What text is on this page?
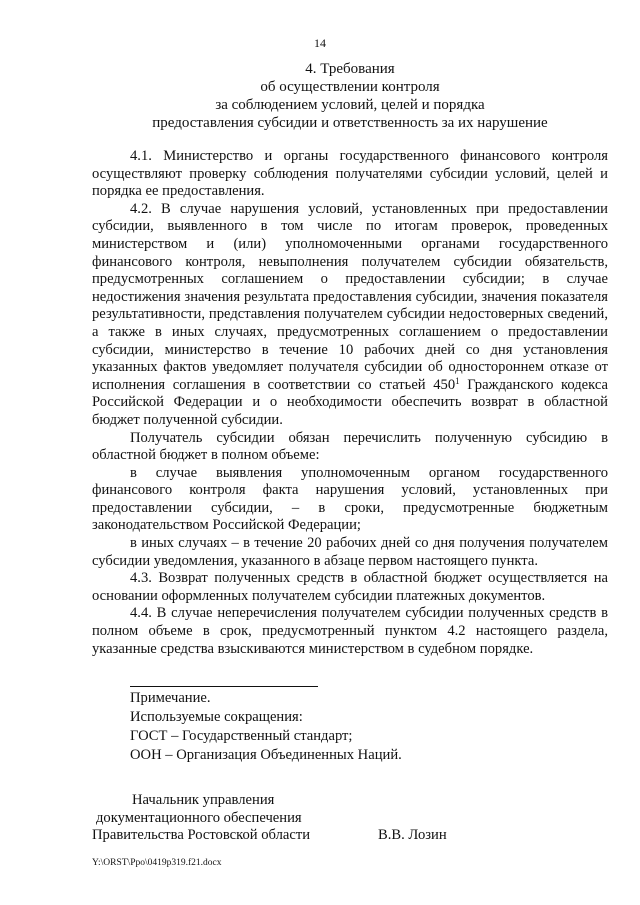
14
4. Требования
об осуществлении контроля
за соблюдением условий, целей и порядка
предоставления субсидии и ответственность за их нарушение

4.1. Министерство и органы государственного финансового контроля осуществляют проверку соблюдения получателями субсидии условий, целей и порядка ее предоставления.

4.2. В случае нарушения условий, установленных при предоставлении субсидии, выявленного в том числе по итогам проверок, проведенных министерством и (или) уполномоченными органами государственного финансового контроля, невыполнения получателем субсидии обязательств, предусмотренных соглашением о предоставлении субсидии; в случае недостижения значения результата предоставления субсидии, значения показателя результативности, представления получателем субсидии недостоверных сведений, а также в иных случаях, предусмотренных соглашением о предоставлении субсидии, министерство в течение 10 рабочих дней со дня установления указанных фактов уведомляет получателя субсидии об одностороннем отказе от исполнения соглашения в соответствии со статьей $450^1$ Гражданского кодекса Российской Федерации и о необходимости обеспечить возврат в областной бюджет полученной субсидии.

Получатель субсидии обязан перечислить полученную субсидию в областной бюджет в полном объеме:

в случае выявления уполномоченным органом государственного финансового контроля факта нарушения условий, установленных при предоставлении субсидии, – в сроки, предусмотренные бюджетным законодательством Российской Федерации;

в иных случаях – в течение 20 рабочих дней со дня получения получателем субсидии уведомления, указанного в абзаце первом настоящего пункта.

4.3. Возврат полученных средств в областной бюджет осуществляется на основании оформленных получателем субсидии платежных документов.

4.4. В случае неперечисления получателем субсидии полученных средств в полном объеме в срок, предусмотренный пунктом 4.2 настоящего раздела, указанные средства взыскиваются министерством в судебном порядке.

Примечание.
Используемые сокращения:
ГОСТ – Государственный стандарт;
ООН – Организация Объединенных Наций.
Начальник управления
документационного обеспечения
Правительства Ростовской области	В.В. Лозин
Y:\ORST\Ppo\0419p319.f21.docx
